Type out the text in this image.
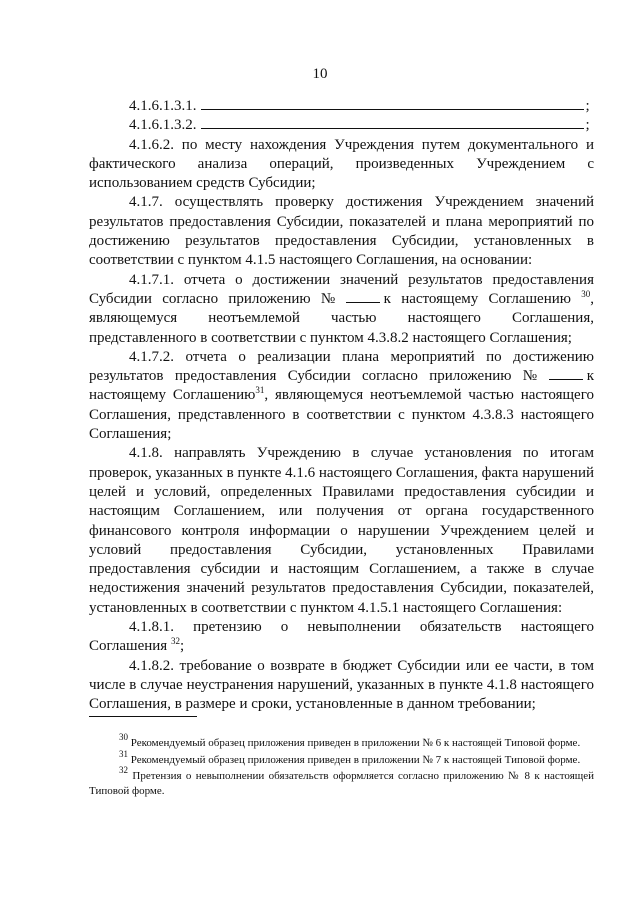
10

4.1.6.1.3.1.	;

4.1.6.1.3.2.	;

4.1.6.2. по месту нахождения Учреждения путем документального и фактического анализа операций, произведенных Учреждением с использованием средств Субсидии;

4.1.7. осуществлять проверку достижения Учреждением значений результатов предоставления Субсидии, показателей и плана мероприятий по достижению результатов предоставления Субсидии, установленных в соответствии с пунктом 4.1.5 настоящего Соглашения, на основании:

4.1.7.1. отчета о достижении значений результатов предоставления Субсидии согласно приложению №	к настоящему Соглашению $^{30}$, являющемуся неотъемлемой частью настоящего Соглашения, представленного в соответствии с пунктом 4.3.8.2 настоящего Соглашения;

4.1.7.2. отчета о реализации плана мероприятий по достижению результатов предоставления Субсидии согласно приложению №	к настоящему Соглашению$^{31}$, являющемуся неотъемлемой частью настоящего Соглашения, представленного в соответствии с пунктом 4.3.8.3 настоящего Соглашения;

4.1.8. направлять Учреждению в случае установления по итогам проверок, указанных в пункте 4.1.6 настоящего Соглашения, факта нарушений целей и условий, определенных Правилами предоставления субсидии и настоящим Соглашением, или получения от органа государственного финансового контроля информации о нарушении Учреждением целей и условий предоставления Субсидии, установленных Правилами предоставления субсидии и настоящим Соглашением, а также в случае недостижения значений результатов предоставления Субсидии, показателей, установленных в соответствии с пунктом 4.1.5.1 настоящего Соглашения:

4.1.8.1. претензию о невыполнении обязательств настоящего Соглашения $^{32}$;

4.1.8.2. требование о возврате в бюджет Субсидии или ее части, в том числе в случае неустранения нарушений, указанных в пункте 4.1.8 настоящего Соглашения, в размере и сроки, установленные в данном требовании;

$^{30}$ Рекомендуемый образец приложения приведен в приложении № 6 к настоящей Типовой форме.

$^{31}$ Рекомендуемый образец приложения приведен в приложении № 7 к настоящей Типовой форме.

$^{32}$ Претензия о невыполнении обязательств оформляется согласно приложению № 8 к настоящей Типовой форме.
